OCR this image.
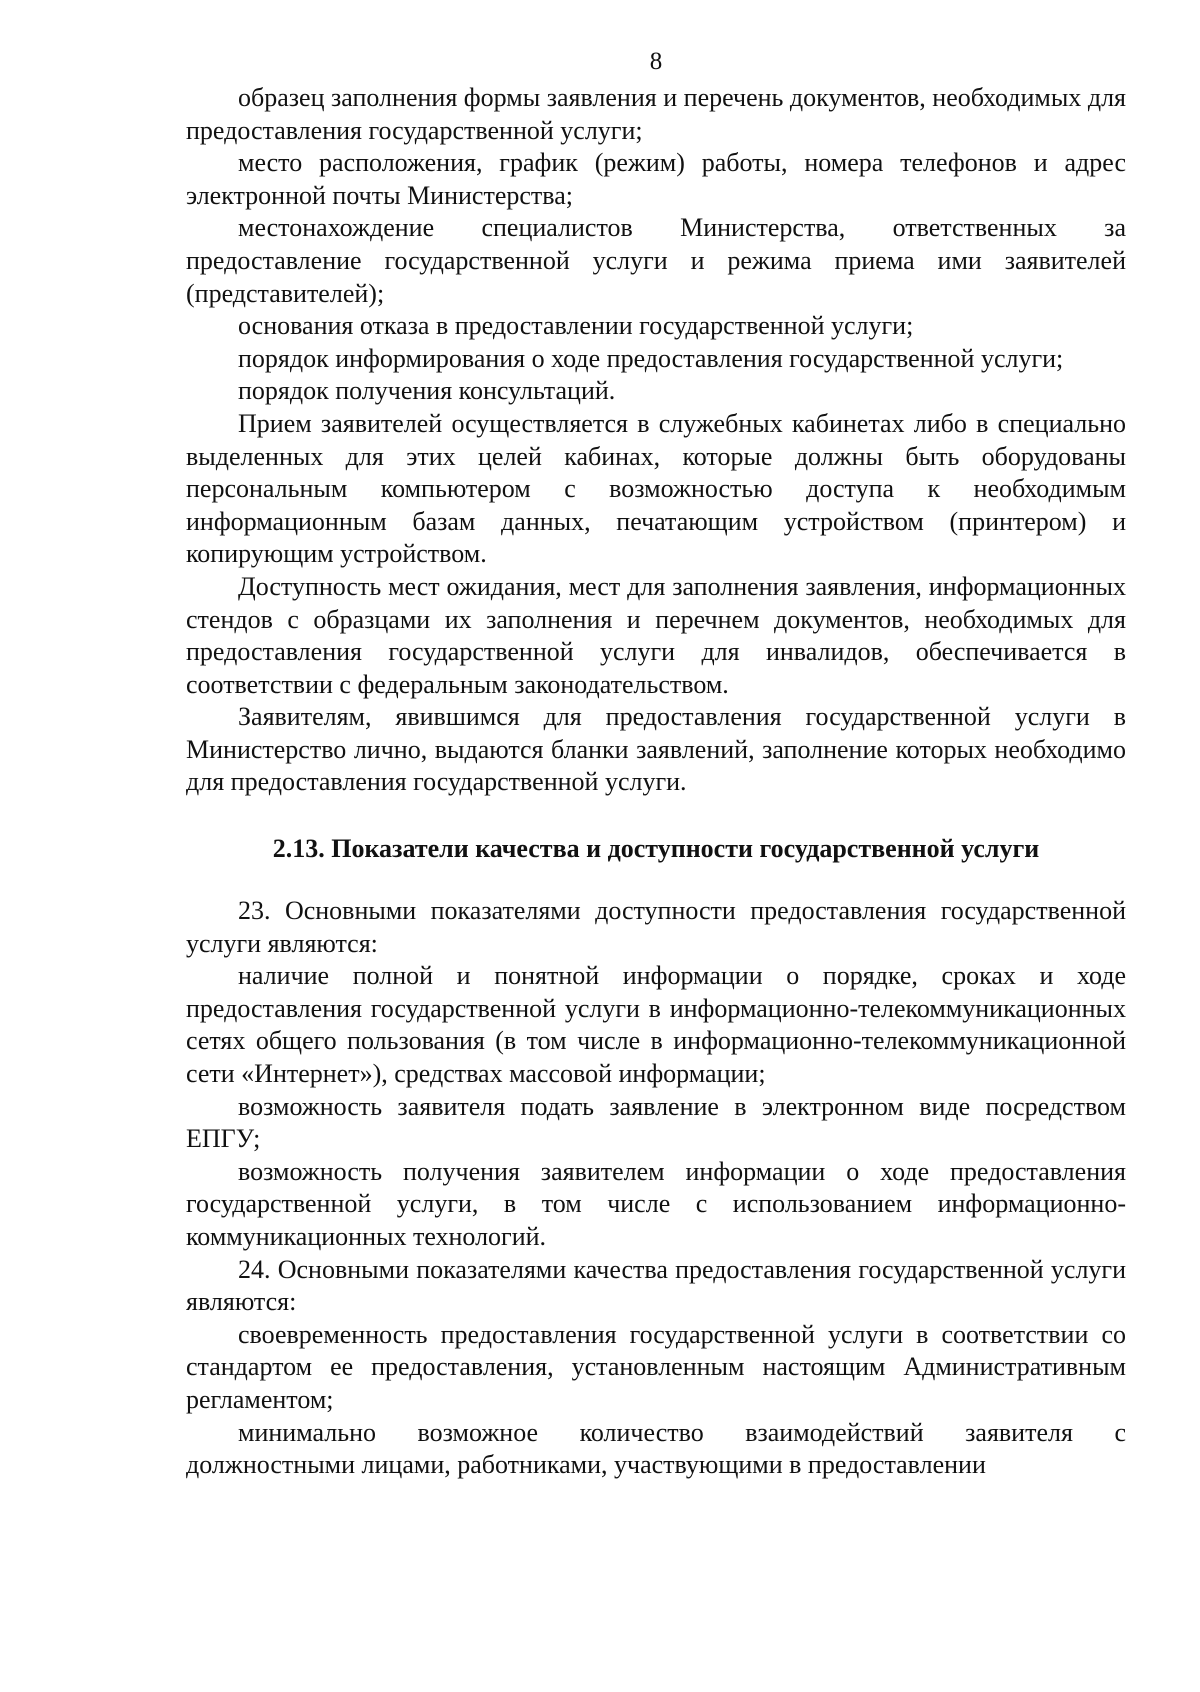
8

образец заполнения формы заявления и перечень документов, необходимых для предоставления государственной услуги;

место расположения, график (режим) работы, номера телефонов и адрес электронной почты Министерства;

местонахождение специалистов Министерства, ответственных за предоставление государственной услуги и режима приема ими заявителей (представителей);

основания отказа в предоставлении государственной услуги;

порядок информирования о ходе предоставления государственной услуги;

порядок получения консультаций.

Прием заявителей осуществляется в служебных кабинетах либо в специально выделенных для этих целей кабинах, которые должны быть оборудованы персональным компьютером с возможностью доступа к необходимым информационным базам данных, печатающим устройством (принтером) и копирующим устройством.

Доступность мест ожидания, мест для заполнения заявления, информационных стендов с образцами их заполнения и перечнем документов, необходимых для предоставления государственной услуги для инвалидов, обеспечивается в соответствии с федеральным законодательством.

Заявителям, явившимся для предоставления государственной услуги в Министерство лично, выдаются бланки заявлений, заполнение которых необходимо для предоставления государственной услуги.

2.13. Показатели качества и доступности государственной услуги

23. Основными показателями доступности предоставления государственной услуги являются:

наличие полной и понятной информации о порядке, сроках и ходе предоставления государственной услуги в информационно-телекоммуникационных сетях общего пользования (в том числе в информационно-телекоммуникационной сети «Интернет»), средствах массовой информации;

возможность заявителя подать заявление в электронном виде посредством ЕПГУ;

возможность получения заявителем информации о ходе предоставления государственной услуги, в том числе с использованием информационно-коммуникационных технологий.

24. Основными показателями качества предоставления государственной услуги являются:

своевременность предоставления государственной услуги в соответствии со стандартом ее предоставления, установленным настоящим Административным регламентом;

минимально возможное количество взаимодействий заявителя с должностными лицами, работниками, участвующими в предоставлении
